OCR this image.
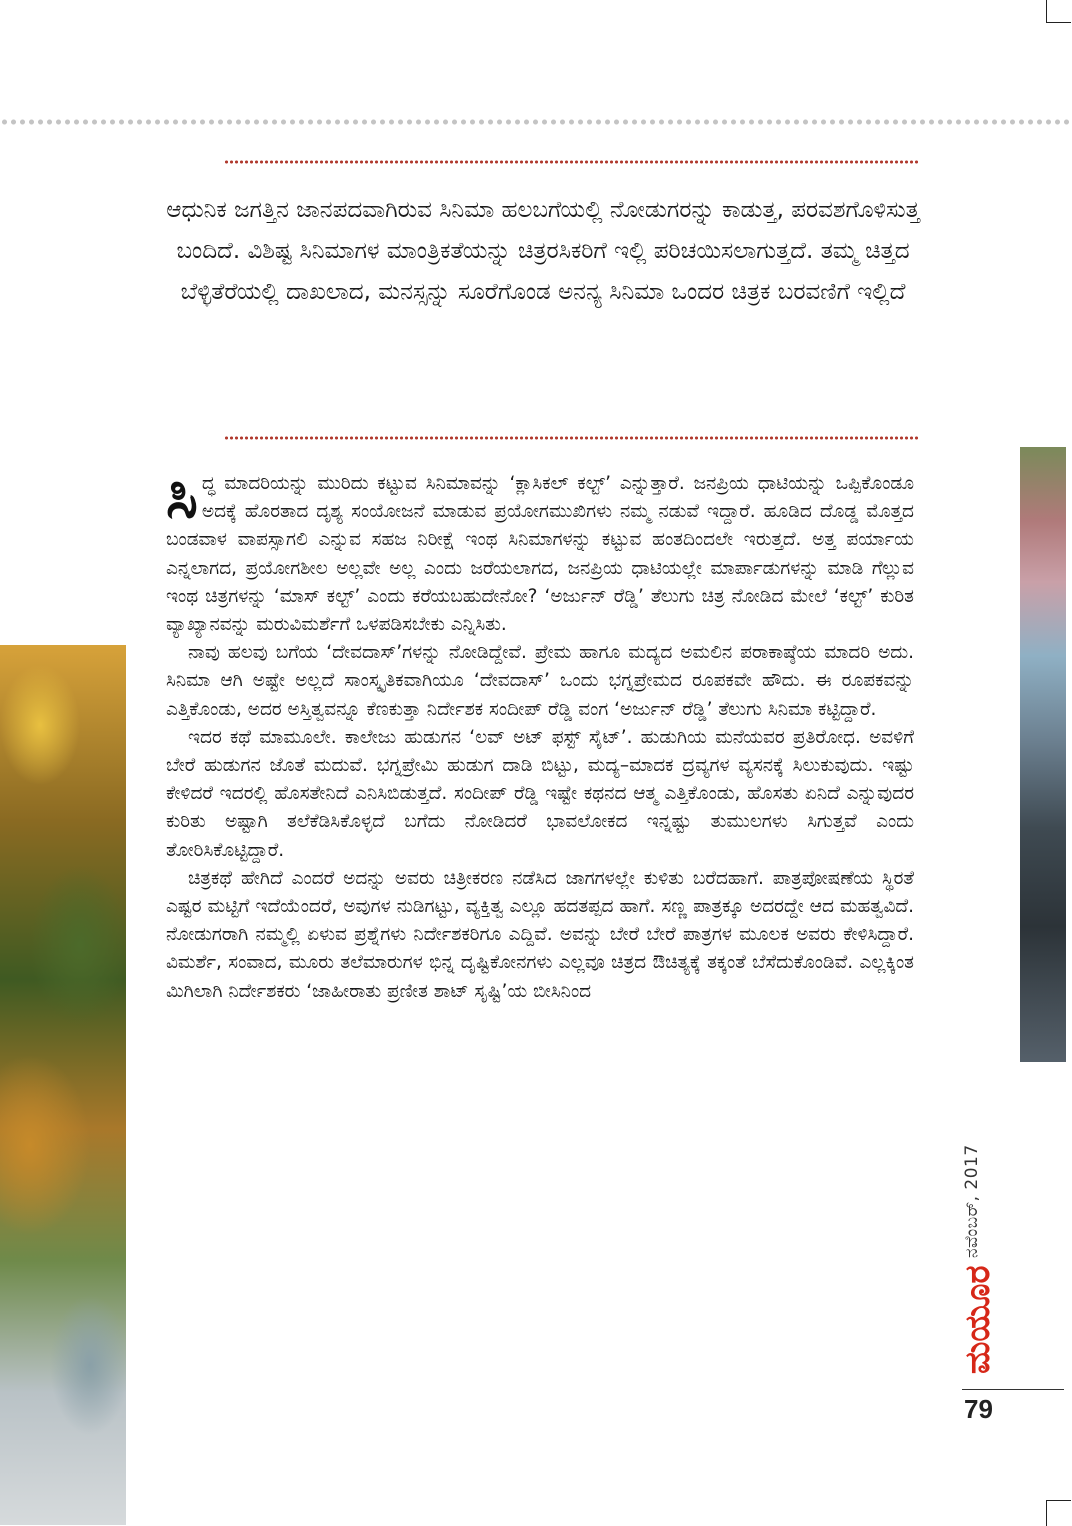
ಆಧುನಿಕ ಜಗತ್ತಿನ ಜಾನಪದವಾಗಿರುವ ಸಿನಿಮಾ ಹಲಬಗೆಯಲ್ಲಿ ನೋಡುಗರನ್ನು ಕಾಡುತ್ತ, ಪರವಶಗೊಳಿಸುತ್ತ ಬಂದಿದೆ. ವಿಶಿಷ್ಟ ಸಿನಿಮಾಗಳ ಮಾಂತ್ರಿಕತೆಯನ್ನು ಚಿತ್ರರಸಿಕರಿಗೆ ಇಲ್ಲಿ ಪರಿಚಯಿಸಲಾಗುತ್ತದೆ. ತಮ್ಮ ಚಿತ್ತದ ಬೆಳ್ಳಿತೆರೆಯಲ್ಲಿ ದಾಖಲಾದ, ಮನಸ್ಸನ್ನು ಸೂರೆಗೊಂಡ ಅನನ್ಯ ಸಿನಿಮಾ ಒಂದರ ಚಿತ್ರಕ ಬರವಣಿಗೆ ಇಲ್ಲಿದೆ

ಸಿದ್ಧ ಮಾದರಿಯನ್ನು ಮುರಿದು ಕಟ್ಟುವ ಸಿನಿಮಾವನ್ನು ‘ಕ್ಲಾಸಿಕಲ್ ಕಲ್ಟ್’ ಎನ್ನುತ್ತಾರೆ. ಜನಪ್ರಿಯ ಧಾಟಿಯನ್ನು ಒಪ್ಪಿಕೊಂಡೂ ಅದಕ್ಕೆ ಹೊರತಾದ ದೃಶ್ಯ ಸಂಯೋಜನೆ ಮಾಡುವ ಪ್ರಯೋಗಮುಖಿಗಳು ನಮ್ಮ ನಡುವೆ ಇದ್ದಾರೆ. ಹೂಡಿದ ದೊಡ್ಡ ಮೊತ್ತದ ಬಂಡವಾಳ ವಾಪಸ್ಸಾಗಲಿ ಎನ್ನುವ ಸಹಜ ನಿರೀಕ್ಷೆ ಇಂಥ ಸಿನಿಮಾಗಳನ್ನು ಕಟ್ಟುವ ಹಂತದಿಂದಲೇ ಇರುತ್ತದೆ. ಅತ್ತ ಪರ್ಯಾಯ ಎನ್ನಲಾಗದ, ಪ್ರಯೋಗಶೀಲ ಅಲ್ಲವೇ ಅಲ್ಲ ಎಂದು ಜರೆಯಲಾಗದ, ಜನಪ್ರಿಯ ಧಾಟಿಯಲ್ಲೇ ಮಾರ್ಪಾಡುಗಳನ್ನು ಮಾಡಿ ಗೆಲ್ಲುವ ಇಂಥ ಚಿತ್ರಗಳನ್ನು ‘ಮಾಸ್ ಕಲ್ಟ್’ ಎಂದು ಕರೆಯಬಹುದೇನೋ? ‘ಅರ್ಜುನ್ ರೆಡ್ಡಿ’ ತೆಲುಗು ಚಿತ್ರ ನೋಡಿದ ಮೇಲೆ ‘ಕಲ್ಟ್’ ಕುರಿತ ವ್ಯಾಖ್ಯಾನವನ್ನು ಮರುವಿಮರ್ಶೆಗೆ ಒಳಪಡಿಸಬೇಕು ಎನ್ನಿಸಿತು.

ನಾವು ಹಲವು ಬಗೆಯ ‘ದೇವದಾಸ್’ಗಳನ್ನು ನೋಡಿದ್ದೇವೆ. ಪ್ರೇಮ ಹಾಗೂ ಮದ್ಯದ ಅಮಲಿನ ಪರಾಕಾಷ್ಠೆಯ ಮಾದರಿ ಅದು. ಸಿನಿಮಾ ಆಗಿ ಅಷ್ಟೇ ಅಲ್ಲದೆ ಸಾಂಸ್ಕೃತಿಕವಾಗಿಯೂ ‘ದೇವದಾಸ್’ ಒಂದು ಭಗ್ನಪ್ರೇಮದ ರೂಪಕವೇ ಹೌದು. ಈ ರೂಪಕವನ್ನು ಎತ್ತಿಕೊಂಡು, ಅದರ ಅಸ್ತಿತ್ವವನ್ನೂ ಕೆಣಕುತ್ತಾ ನಿರ್ದೇಶಕ ಸಂದೀಪ್ ರೆಡ್ಡಿ ವಂಗ ‘ಅರ್ಜುನ್ ರೆಡ್ಡಿ’ ತೆಲುಗು ಸಿನಿಮಾ ಕಟ್ಟಿದ್ದಾರೆ.

ಇದರ ಕಥೆ ಮಾಮೂಲೇ. ಕಾಲೇಜು ಹುಡುಗನ ‘ಲವ್ ಅಟ್ ಫಸ್ಟ್ ಸೈಟ್’. ಹುಡುಗಿಯ ಮನೆಯವರ ಪ್ರತಿರೋಧ. ಅವಳಿಗೆ ಬೇರೆ ಹುಡುಗನ ಜೊತೆ ಮದುವೆ. ಭಗ್ನಪ್ರೇಮಿ ಹುಡುಗ ದಾಡಿ ಬಿಟ್ಟು, ಮದ್ಯ–ಮಾದಕ ದ್ರವ್ಯಗಳ ವ್ಯಸನಕ್ಕೆ ಸಿಲುಕುವುದು. ಇಷ್ಟು ಕೇಳಿದರೆ ಇದರಲ್ಲಿ ಹೊಸತೇನಿದೆ ಎನಿಸಿಬಿಡುತ್ತದೆ. ಸಂದೀಪ್ ರೆಡ್ಡಿ ಇಷ್ಟೇ ಕಥನದ ಆತ್ಮ ಎತ್ತಿಕೊಂಡು, ಹೊಸತು ಏನಿದೆ ಎನ್ನುವುದರ ಕುರಿತು ಅಷ್ಟಾಗಿ ತಲೆಕೆಡಿಸಿಕೊಳ್ಳದೆ ಬಗೆದು ನೋಡಿದರೆ ಭಾವಲೋಕದ ಇನ್ನಷ್ಟು ತುಮುಲಗಳು ಸಿಗುತ್ತವೆ ಎಂದು ತೋರಿಸಿಕೊಟ್ಟಿದ್ದಾರೆ.

ಚಿತ್ರಕಥೆ ಹೇಗಿದೆ ಎಂದರೆ ಅದನ್ನು ಅವರು ಚಿತ್ರೀಕರಣ ನಡೆಸಿದ ಜಾಗಗಳಲ್ಲೇ ಕುಳಿತು ಬರೆದಹಾಗೆ. ಪಾತ್ರಪೋಷಣೆಯ ಸ್ಥಿರತೆ ಎಷ್ಟರ ಮಟ್ಟಿಗೆ ಇದೆಯೆಂದರೆ, ಅವುಗಳ ನುಡಿಗಟ್ಟು, ವ್ಯಕ್ತಿತ್ವ ಎಲ್ಲೂ ಹದತಪ್ಪದ ಹಾಗೆ. ಸಣ್ಣ ಪಾತ್ರಕ್ಕೂ ಅದರದ್ದೇ ಆದ ಮಹತ್ವವಿದೆ. ನೋಡುಗರಾಗಿ ನಮ್ಮಲ್ಲಿ ಏಳುವ ಪ್ರಶ್ನೆಗಳು ನಿರ್ದೇಶಕರಿಗೂ ಎದ್ದಿವೆ. ಅವನ್ನು ಬೇರೆ ಬೇರೆ ಪಾತ್ರಗಳ ಮೂಲಕ ಅವರು ಕೇಳಿಸಿದ್ದಾರೆ. ವಿಮರ್ಶೆ, ಸಂವಾದ, ಮೂರು ತಲೆಮಾರುಗಳ ಭಿನ್ನ ದೃಷ್ಟಿಕೋನಗಳು ಎಲ್ಲವೂ ಚಿತ್ರದ ಔಚಿತ್ಯಕ್ಕೆ ತಕ್ಕಂತೆ ಬೆಸೆದುಕೊಂಡಿವೆ. ಎಲ್ಲಕ್ಕಿಂತ ಮಿಗಿಲಾಗಿ ನಿರ್ದೇಶಕರು ‘ಜಾಹೀರಾತು ಪ್ರಣೀತ ಶಾಟ್ ಸೃಷ್ಟಿ’ಯ ಬೀಸಿನಿಂದ

ನವೆಂಬರ್, 2017
ಮಯೂರ
79
